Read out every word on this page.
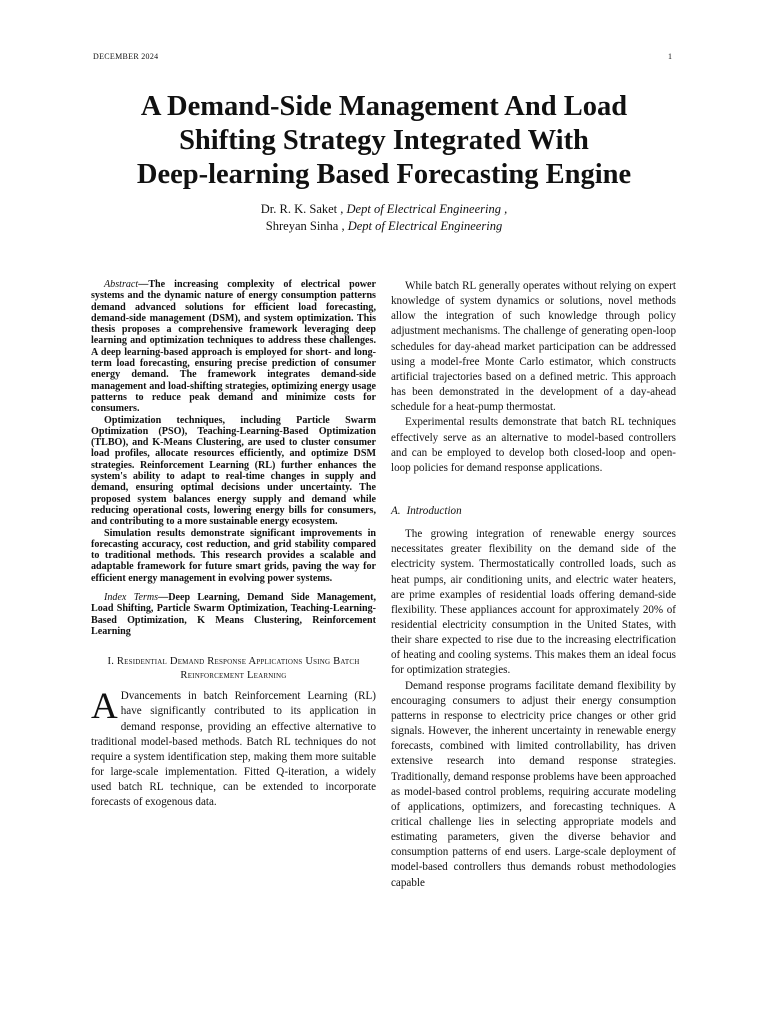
DECEMBER 2024	1
A Demand-Side Management And Load
Shifting Strategy Integrated With
Deep-learning Based Forecasting Engine
Dr. R. K. Saket , Dept of Electrical Engineering ,
Shreyan Sinha , Dept of Electrical Engineering

Abstract—The increasing complexity of electrical power systems and the dynamic nature of energy consumption patterns demand advanced solutions for efficient load forecasting, demand-side management (DSM), and system optimization. This thesis proposes a comprehensive framework leveraging deep learning and optimization techniques to address these challenges. A deep learning-based approach is employed for short- and long-term load forecasting, ensuring precise prediction of consumer energy demand. The framework integrates demand-side management and load-shifting strategies, optimizing energy usage patterns to reduce peak demand and minimize costs for consumers.

Optimization techniques, including Particle Swarm Optimization (PSO), Teaching-Learning-Based Optimization (TLBO), and K-Means Clustering, are used to cluster consumer load profiles, allocate resources efficiently, and optimize DSM strategies. Reinforcement Learning (RL) further enhances the system's ability to adapt to real-time changes in supply and demand, ensuring optimal decisions under uncertainty. The proposed system balances energy supply and demand while reducing operational costs, lowering energy bills for consumers, and contributing to a more sustainable energy ecosystem.

Simulation results demonstrate significant improvements in forecasting accuracy, cost reduction, and grid stability compared to traditional methods. This research provides a scalable and adaptable framework for future smart grids, paving the way for efficient energy management in evolving power systems.

Index Terms—Deep Learning, Demand Side Management, Load Shifting, Particle Swarm Optimization, Teaching-Learning-Based Optimization, K Means Clustering, Reinforcement Learning

I. Residential Demand Response Applications Using Batch Reinforcement Learning

A Dvancements in batch Reinforcement Learning (RL) have significantly contributed to its application in demand response, providing an effective alternative to traditional model-based methods. Batch RL techniques do not require a system identification step, making them more suitable for large-scale implementation. Fitted Q-iteration, a widely used batch RL technique, can be extended to incorporate forecasts of exogenous data.

While batch RL generally operates without relying on expert knowledge of system dynamics or solutions, novel methods allow the integration of such knowledge through policy adjustment mechanisms. The challenge of generating open-loop schedules for day-ahead market participation can be addressed using a model-free Monte Carlo estimator, which constructs artificial trajectories based on a defined metric. This approach has been demonstrated in the development of a day-ahead schedule for a heat-pump thermostat.

Experimental results demonstrate that batch RL techniques effectively serve as an alternative to model-based controllers and can be employed to develop both closed-loop and open-loop policies for demand response applications.

A. Introduction

The growing integration of renewable energy sources necessitates greater flexibility on the demand side of the electricity system. Thermostatically controlled loads, such as heat pumps, air conditioning units, and electric water heaters, are prime examples of residential loads offering demand-side flexibility. These appliances account for approximately 20% of residential electricity consumption in the United States, with their share expected to rise due to the increasing electrification of heating and cooling systems. This makes them an ideal focus for optimization strategies.

Demand response programs facilitate demand flexibility by encouraging consumers to adjust their energy consumption patterns in response to electricity price changes or other grid signals. However, the inherent uncertainty in renewable energy forecasts, combined with limited controllability, has driven extensive research into demand response strategies. Traditionally, demand response problems have been approached as model-based control problems, requiring accurate modeling of applications, optimizers, and forecasting techniques. A critical challenge lies in selecting appropriate models and estimating parameters, given the diverse behavior and consumption patterns of end users. Large-scale deployment of model-based controllers thus demands robust methodologies capable
